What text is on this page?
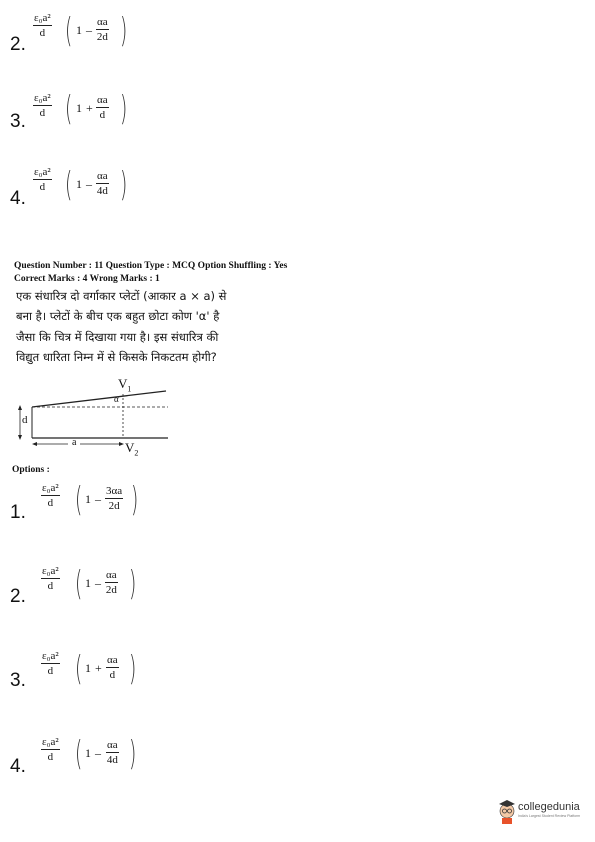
2.
ε₀a²
d ( 1 –
αa
2d )
3.
ε₀a²
d ( 1 +
αa
d )
4.
ε₀a²
d ( 1 –
αa
4d )
Question Number : 11 Question Type : MCQ Option Shuffling : Yes
Correct Marks : 4 Wrong Marks : 1
एक संधारित्र दो वर्गाकार प्लेटों (आकार a × a) से
बना है। प्लेटों के बीच एक बहुत छोटा कोण 'α' है
जैसा कि चित्र में दिखाया गया है। इस संधारित्र की
विद्युत धारिता निम्न में से किसके निकटतम होगी?
$V_1$
α
d
a	$V_2$
Options :
1.
ε₀a²
d ( 1 –
3αa
2d )
2.
ε₀a²
d ( 1 –
αa
2d )
3.
ε₀a²
d ( 1 +
αa
d )
4.
ε₀a²
d ( 1 –
αa
4d )
collegedunia
India's Largest Student Review Platform
